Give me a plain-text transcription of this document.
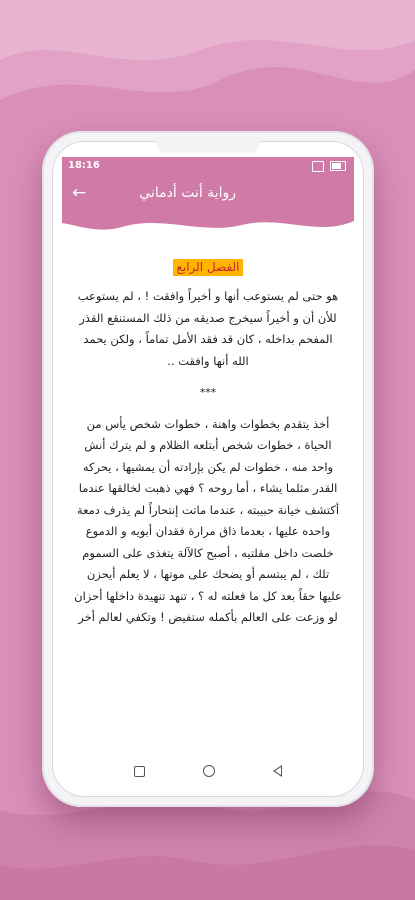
18:16
←	رواية أنت أدماني
الفصل الرابع

هو حتى لم يستوعب أنها و أخيراً وافقت ! ، لم يستوعب للأن أن و أخيراً سيخرج صديقه من ذلك المستنقع القذر المفحم بداخله ، كان قد فقد الأمل تماماً ، ولكن يحمد الله أنها وافقت ..

***

أخذ يتقدم بخطوات واهنة ، خطوات شخص يأس من الحياة ، خطوات شخص أبتلعه الظلام و لم يترك أنش واحد منه ، خطوات لم يكن بإرادته أن يمشيها ، يحركه القدر مثلما يشاء ، أما روحه ؟ فهي ذهبت لخالقها عندما أكتشف خيانة حبيبته ، عندما ماتت إنتحاراً لم يذرف دمعة واحده عليها ، بعدما ذاق مرارة فقدان أبويه و الدموع خلصت داخل مقلتيه ، أصبح كالآلة يتغذى على السموم تلك ، لم يبتسم أو يضحك على موتها ، لا يعلم أيحزن عليها حقاً بعد كل ما فعلته له ؟ ، تنهد تنهيدة داخلها أحزان لو وزعت على العالم بأكمله ستفيض ! وتكفي لعالم أخر
